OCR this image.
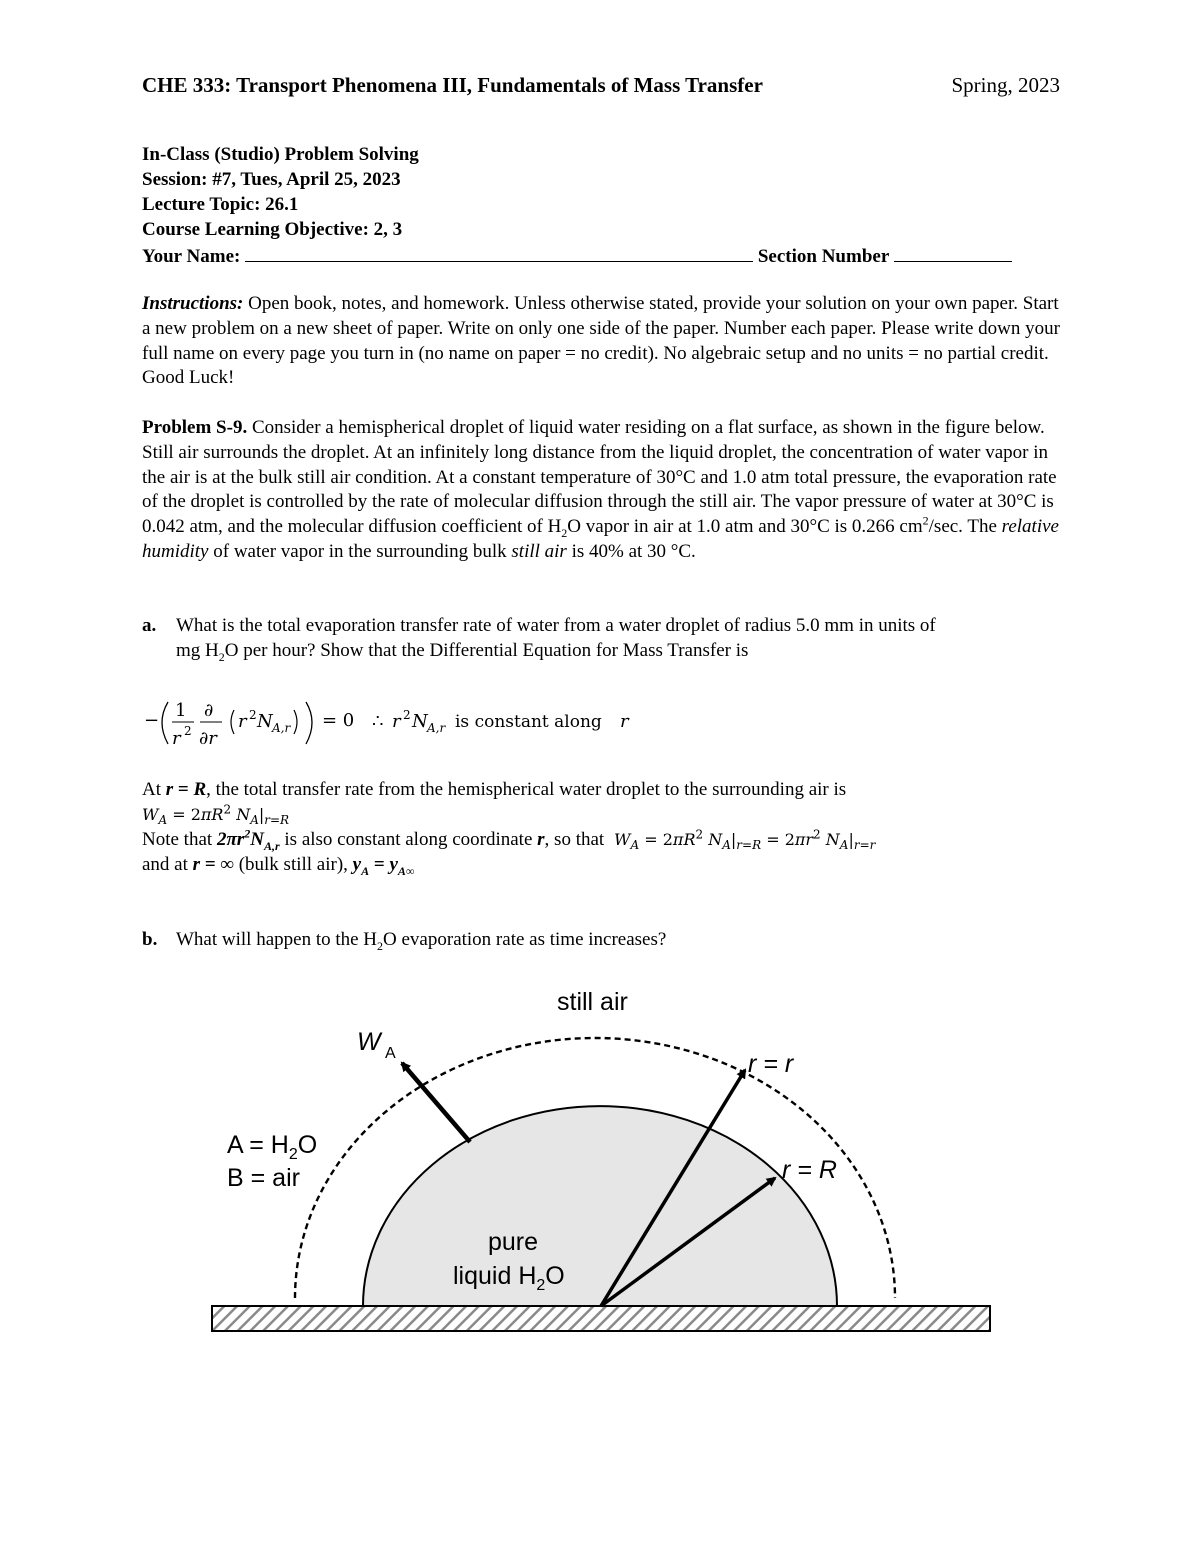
CHE 333: Transport Phenomena III, Fundamentals of Mass Transfer	Spring, 2023
In-Class (Studio) Problem Solving
Session: #7, Tues, April 25, 2023
Lecture Topic: 26.1
Course Learning Objective: 2, 3
Your Name:	Section Number
Instructions: Open book, notes, and homework. Unless otherwise stated, provide your solution on your own paper. Start a new problem on a new sheet of paper. Write on only one side of the paper. Number each paper. Please write down your full name on every page you turn in (no name on paper = no credit). No algebraic setup and no units = no partial credit. Good Luck!
Problem S-9. Consider a hemispherical droplet of liquid water residing on a flat surface, as shown in the figure below. Still air surrounds the droplet. At an infinitely long distance from the liquid droplet, the concentration of water vapor in the air is at the bulk still air condition. At a constant temperature of 30°C and 1.0 atm total pressure, the evaporation rate of the droplet is controlled by the rate of molecular diffusion through the still air. The vapor pressure of water at 30°C is 0.042 atm, and the molecular diffusion coefficient of $H_2O$ vapor in air at 1.0 atm and 30°C is 0.266 $cm^2/\sec$. The relative humidity of water vapor in the surrounding bulk still air is 40% at 30 °C.
a. What is the total evaporation transfer rate of water from a water droplet of radius 5.0 mm in units of
mg $H_2O$ per hour? Show that the Differential Equation for Mass Transfer is
− 1
r 2
∂
∂r
r 2 N A,r = 0 ∴ r 2 N A,r is constant along r
At r = R, the total transfer rate from the hemispherical water droplet to the surrounding air is
$W_A = 2\pi R^2$ $N_A|_{r=R}$
Note that $2\pi r^2N_{A,r}$ is also constant along coordinate r, so that $W_A = 2\pi R^2$ $N_A|_{r=R} = 2\pi r^2$ $N_A|_{r=r}$
and at r = ∞ (bulk still air), $y_A = y_{A\infty}$
b. What will happen to the $H_2O$ evaporation rate as time increases?
still air
W A	r = r
r = R
$A = H_2O$
B = air
pure
liquid $H_2O$
